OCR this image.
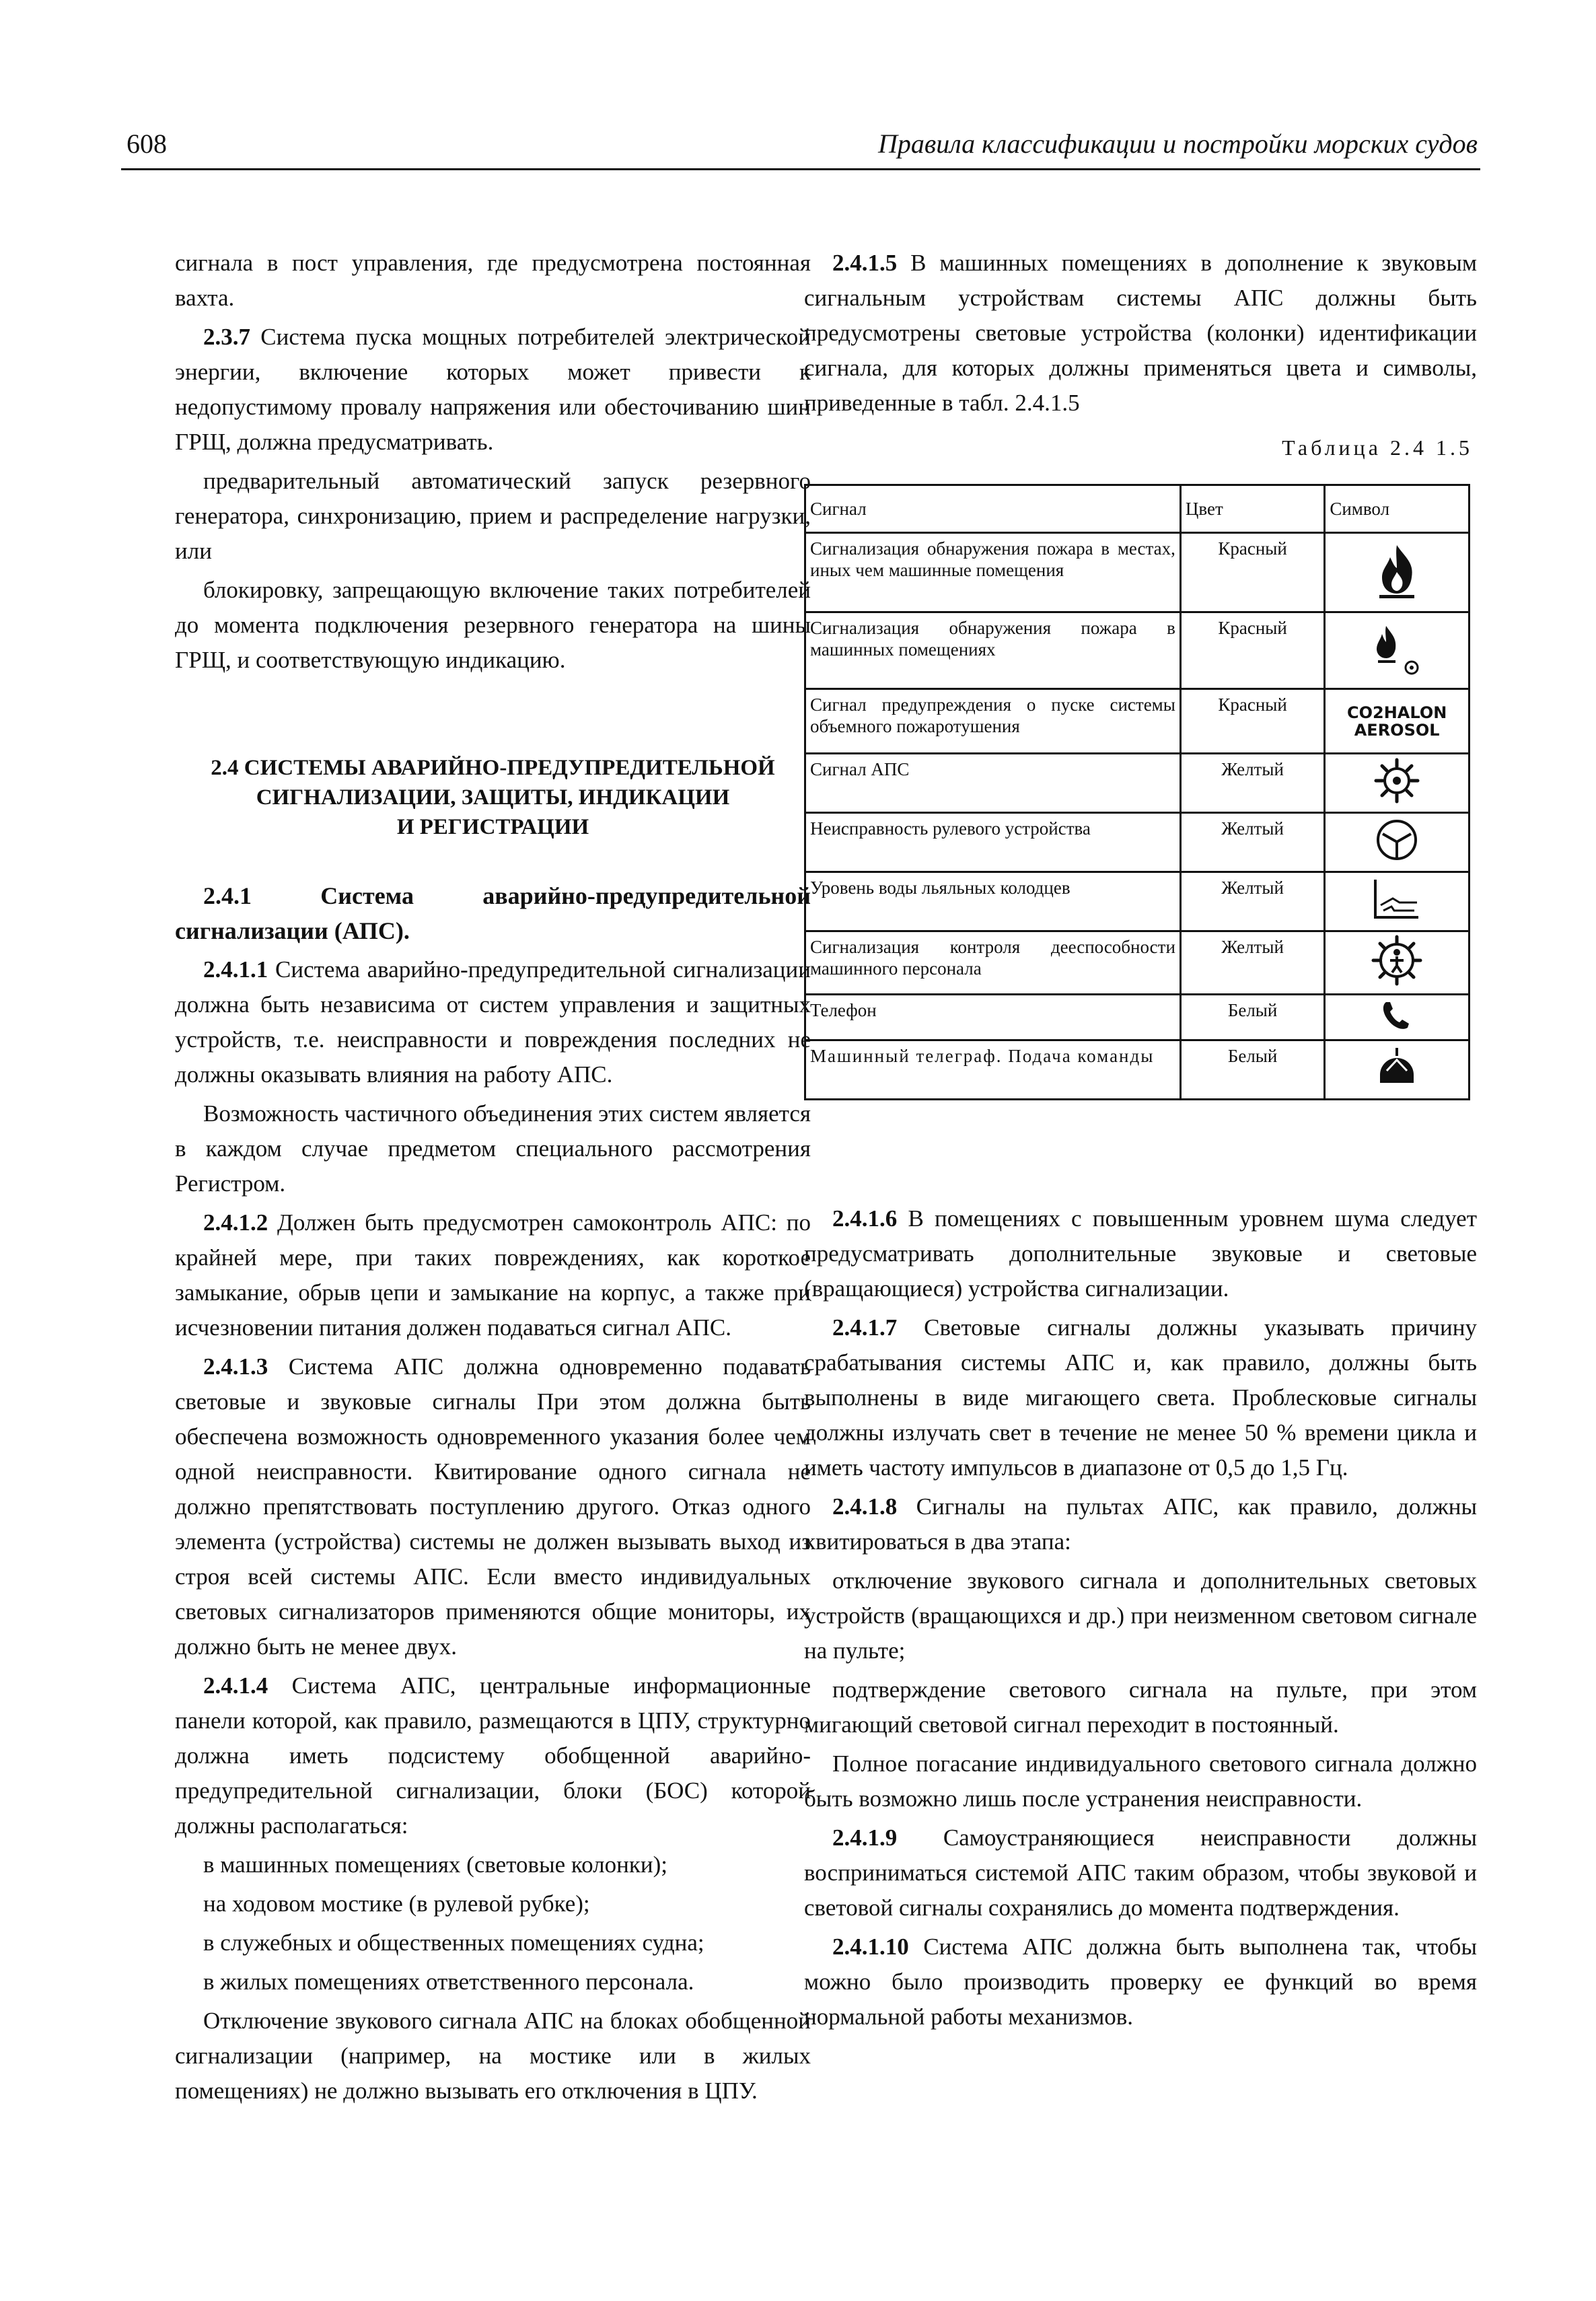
608	Правила классификации и постройки морских судов

сигнала в пост управления, где предусмотрена постоянная вахта.

2.3.7 Система пуска мощных потребителей электрической энергии, включение которых может привести к недопустимому провалу напряжения или обесточиванию шин ГРЩ, должна предусматривать.

предварительный автоматический запуск резервного генератора, синхронизацию, прием и распределение нагрузки, или

блокировку, запрещающую включение таких потребителей до момента подключения резервного генератора на шины ГРЩ, и соответствующую индикацию.

2.4 СИСТЕМЫ АВАРИЙНО-ПРЕДУПРЕДИТЕЛЬНОЙ
СИГНАЛИЗАЦИИ, ЗАЩИТЫ, ИНДИКАЦИИ
И РЕГИСТРАЦИИ

2.4.1 Система аварийно-предупредительной сигнализации (АПС).

2.4.1.1 Система аварийно-предупредительной сигнализации должна быть независима от систем управления и защитных устройств, т.е. неисправности и повреждения последних не должны оказывать влияния на работу АПС.

Возможность частичного объединения этих систем является в каждом случае предметом специального рассмотрения Регистром.

2.4.1.2 Должен быть предусмотрен самоконтроль АПС: по крайней мере, при таких повреждениях, как короткое замыкание, обрыв цепи и замыкание на корпус, а также при исчезновении питания должен подаваться сигнал АПС.

2.4.1.3 Система АПС должна одновременно подавать световые и звуковые сигналы При этом должна быть обеспечена возможность одновременного указания более чем одной неисправности. Квитирование одного сигнала не должно препятствовать поступлению другого. Отказ одного элемента (устройства) системы не должен вызывать выход из строя всей системы АПС. Если вместо индивидуальных световых сигнализаторов применяются общие мониторы, их должно быть не менее двух.

2.4.1.4 Система АПС, центральные информационные панели которой, как правило, размещаются в ЦПУ, структурно должна иметь подсистему обобщенной аварийно-предупредительной сигнализации, блоки (БОС) которой должны располагаться:

в машинных помещениях (световые колонки);

на ходовом мостике (в рулевой рубке);

в служебных и общественных помещениях судна;

в жилых помещениях ответственного персонала.

Отключение звукового сигнала АПС на блоках обобщенной сигнализации (например, на мостике или в жилых помещениях) не должно вызывать его отключения в ЦПУ.

2.4.1.5 В машинных помещениях в дополнение к звуковым сигнальным устройствам системы АПС должны быть предусмотрены световые устройства (колонки) идентификации сигнала, для которых должны применяться цвета и символы, приведенные в табл. 2.4.1.5

Таблица 2.4 1.5
Сигнал	Цвет	Символ
Сигнализация обнаружения пожара в местах, иных чем машинные помещения	Красный	
Сигнализация обнаружения пожара в машинных помещениях	Красный	
Сигнал предупреждения о пуске системы объемного пожаротушения	Красный	CO2HALON
AEROSOL

Сигнал АПС	Желтый	
Неисправность рулевого устройства	Желтый	
Уровень воды льяльных колодцев	Желтый	
Сигнализация контроля дееспособности машинного персонала	Желтый	
Телефон	Белый	
Машинный телеграф. Подача команды	Белый	

2.4.1.6 В помещениях с повышенным уровнем шума следует предусматривать дополнительные звуковые и световые (вращающиеся) устройства сигнализации.

2.4.1.7 Световые сигналы должны указывать причину срабатывания системы АПС и, как правило, должны быть выполнены в виде мигающего света. Проблесковые сигналы должны излучать свет в течение не менее 50 % времени цикла и иметь частоту импульсов в диапазоне от 0,5 до 1,5 Гц.

2.4.1.8 Сигналы на пультах АПС, как правило, должны квитироваться в два этапа:

отключение звукового сигнала и дополнительных световых устройств (вращающихся и др.) при неизменном световом сигнале на пульте;

подтверждение светового сигнала на пульте, при этом мигающий световой сигнал переходит в постоянный.

Полное погасание индивидуального светового сигнала должно быть возможно лишь после устранения неисправности.

2.4.1.9 Самоустраняющиеся неисправности должны восприниматься системой АПС таким образом, чтобы звуковой и световой сигналы сохранялись до момента подтверждения.

2.4.1.10 Система АПС должна быть выполнена так, чтобы можно было производить проверку ее функций во время нормальной работы механизмов.
